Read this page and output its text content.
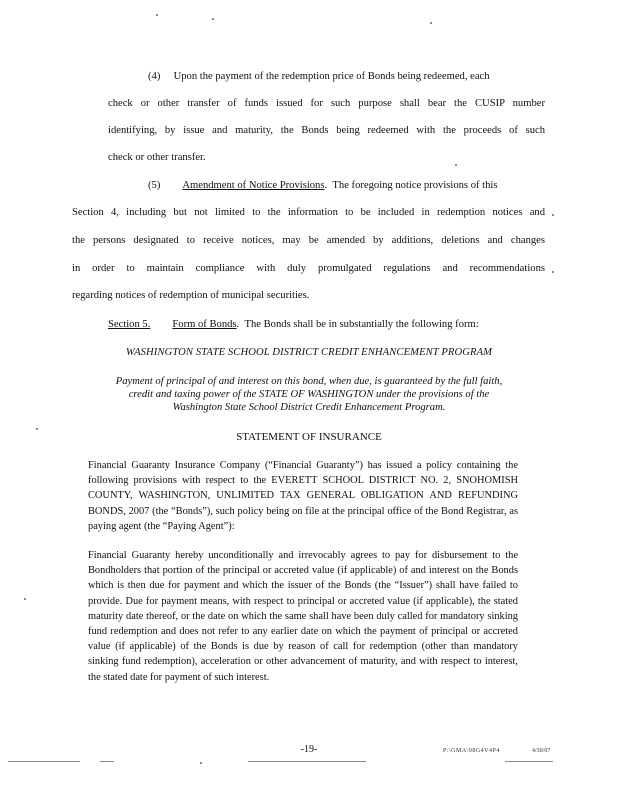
(4)     Upon the payment of the redemption price of Bonds being redeemed, each
check or other transfer of funds issued for such purpose shall bear the CUSIP number
identifying, by issue and maturity, the Bonds being redeemed with the proceeds of such
check or other transfer.
(5) Amendment of Notice Provisions.  The foregoing notice provisions of this
Section 4, including but not limited to the information to be included in redemption notices and
the persons designated to receive notices, may be amended by additions, deletions and changes
in order to maintain compliance with duly promulgated regulations and recommendations
regarding notices of redemption of municipal securities.
Section 5. Form of Bonds.  The Bonds shall be in substantially the following form:
WASHINGTON STATE SCHOOL DISTRICT CREDIT ENHANCEMENT PROGRAM
Payment of principal of and interest on this bond, when due, is guaranteed by the full faith,
credit and taxing power of the STATE OF WASHINGTON under the provisions of the
Washington State School District Credit Enhancement Program.
STATEMENT OF INSURANCE

Financial Guaranty Insurance Company (“Financial Guaranty”) has issued a policy containing the following provisions with respect to the EVERETT SCHOOL DISTRICT NO. 2, SNOHOMISH COUNTY, WASHINGTON, UNLIMITED TAX GENERAL OBLIGATION AND REFUNDING BONDS, 2007 (the “Bonds”), such policy being on file at the principal office of the Bond Registrar, as paying agent (the “Paying Agent”):

Financial Guaranty hereby unconditionally and irrevocably agrees to pay for disbursement to the Bondholders that portion of the principal or accreted value (if applicable) of and interest on the Bonds which is then due for payment and which the issuer of the Bonds (the “Issuer”) shall have failed to provide. Due for payment means, with respect to principal or accreted value (if applicable), the stated maturity date thereof, or the date on which the same shall have been duly called for mandatory sinking fund redemption and does not refer to any earlier date on which the payment of principal or accreted value (if applicable) of the Bonds is due by reason of call for redemption (other than mandatory sinking fund redemption), acceleration or other advancement of maturity, and with respect to interest, the stated date for payment of such interest.

-19-	P:\GMA\08G4V4P4	4/30/07
